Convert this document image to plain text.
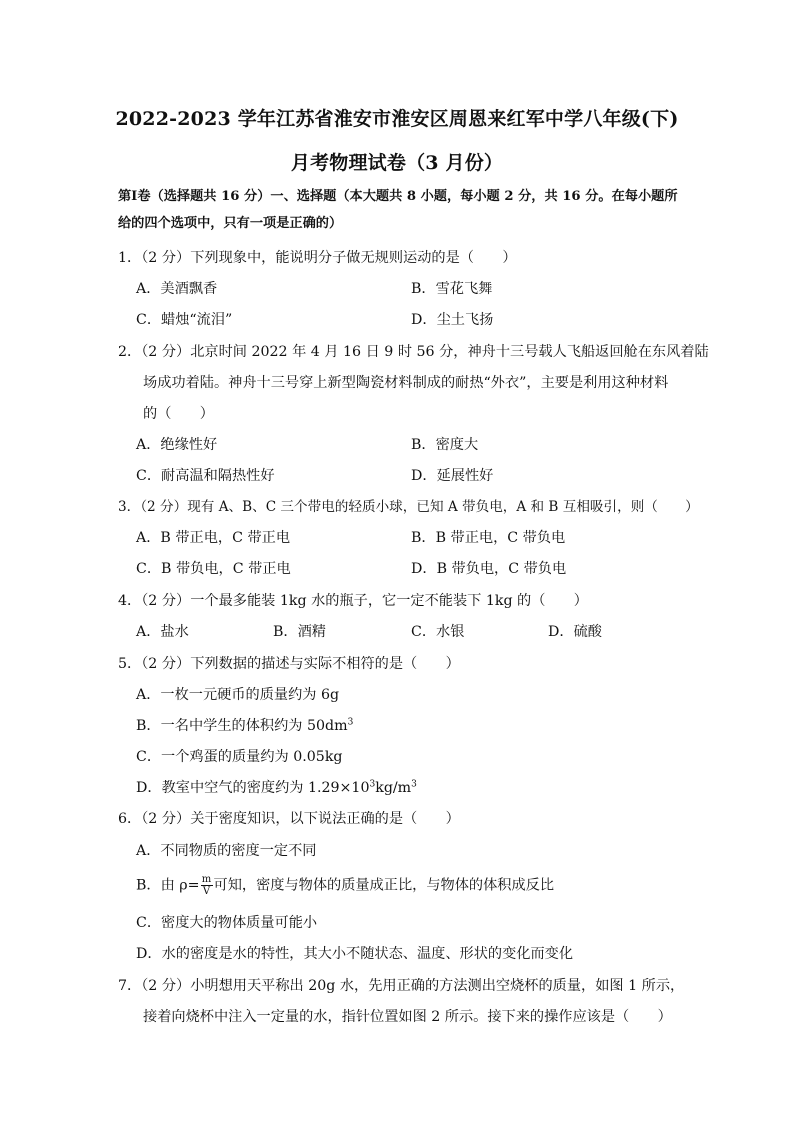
2022-2023 学年江苏省淮安市淮安区周恩来红军中学八年级(下)
月考物理试卷（3 月份）
第Ⅰ卷（选择题共 16 分）一、选择题（本大题共 8 小题，每小题 2 分，共 16 分。在每小题所给的四个选项中，只有一项是正确的）
1．（2 分）下列现象中，能说明分子做无规则运动的是（　　）
A．美酒飘香	B．雪花飞舞
C．蜡烛“流泪”	D．尘土飞扬
2．（2 分）北京时间 2022 年 4 月 16 日 9 时 56 分，神舟十三号载人飞船返回舱在东风着陆
场成功着陆。神舟十三号穿上新型陶瓷材料制成的耐热“外衣”，主要是利用这种材料
的（　　）
A．绝缘性好	B．密度大
C．耐高温和隔热性好	D．延展性好
3．（2 分）现有 A、B、C 三个带电的轻质小球，已知 A 带负电，A 和 B 互相吸引，则（　　）
A．B 带正电，C 带正电	B．B 带正电，C 带负电
C．B 带负电，C 带正电	D．B 带负电，C 带负电
4．（2 分）一个最多能装 1kg 水的瓶子，它一定不能装下 1kg 的（　　）
A．盐水	B．酒精	C．水银	D．硫酸
5．（2 分）下列数据的描述与实际不相符的是（　　）
A．一枚一元硬币的质量约为 6g
B．一名中学生的体积约为 $50dm^3$
C．一个鸡蛋的质量约为 0.05kg
D．教室中空气的密度约为 $1.29\times 10^3kg/m^3$
6．（2 分）关于密度知识，以下说法正确的是（　　）
A．不同物质的密度一定不同
B．由 $\rho= \frac{m}{V}$ 可知，密度与物体的质量成正比，与物体的体积成反比
C．密度大的物体质量可能小
D．水的密度是水的特性，其大小不随状态、温度、形状的变化而变化
7．（2 分）小明想用天平称出 20g 水，先用正确的方法测出空烧杯的质量，如图 1 所示，
接着向烧杯中注入一定量的水，指针位置如图 2 所示。接下来的操作应该是（　　）
